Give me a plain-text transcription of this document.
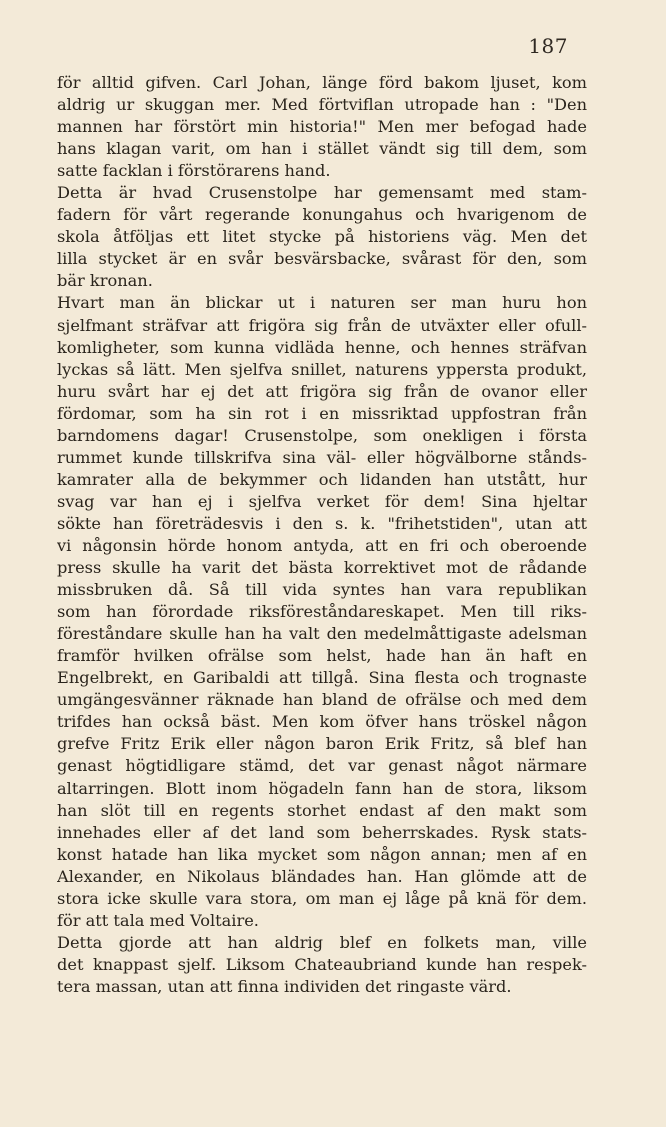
187
för alltid gifven. Carl Johan, länge förd bakom ljuset, kom
aldrig ur skuggan mer. Med förtviflan utropade han : "Den
mannen har förstört min historia!" Men mer befogad hade
hans klagan varit, om han i stället vändt sig till dem, som
satte facklan i förstörarens hand.
Detta är hvad Crusenstolpe har gemensamt med stam-
fadern för vårt regerande konungahus och hvarigenom de
skola åtföljas ett litet stycke på historiens väg. Men det
lilla stycket är en svår besvärsbacke, svårast för den, som
bär kronan.
Hvart man än blickar ut i naturen ser man huru hon
sjelfmant sträfvar att frigöra sig från de utväxter eller ofull-
komligheter, som kunna vidläda henne, och hennes sträfvan
lyckas så lätt. Men sjelfva snillet, naturens yppersta produkt,
huru svårt har ej det att frigöra sig från de ovanor eller
fördomar, som ha sin rot i en missriktad uppfostran från
barndomens dagar! Crusenstolpe, som onekligen i första
rummet kunde tillskrifva sina väl- eller högvälborne stånds-
kamrater alla de bekymmer och lidanden han utstått, hur
svag var han ej i sjelfva verket för dem! Sina hjeltar
sökte han företrädesvis i den s. k. "frihetstiden", utan att
vi någonsin hörde honom antyda, att en fri och oberoende
press skulle ha varit det bästa korrektivet mot de rådande
missbruken då. Så till vida syntes han vara republikan
som han förordade riksföreståndareskapet. Men till riks-
föreståndare skulle han ha valt den medelmåttigaste adelsman
framför hvilken ofrälse som helst, hade han än haft en
Engelbrekt, en Garibaldi att tillgå. Sina flesta och trognaste
umgängesvänner räknade han bland de ofrälse och med dem
trifdes han också bäst. Men kom öfver hans tröskel någon
grefve Fritz Erik eller någon baron Erik Fritz, så blef han
genast högtidligare stämd, det var genast något närmare
altarringen. Blott inom högadeln fann han de stora, liksom
han slöt till en regents storhet endast af den makt som
innehades eller af det land som beherrskades. Rysk stats-
konst hatade han lika mycket som någon annan; men af en
Alexander, en Nikolaus bländades han. Han glömde att de
stora icke skulle vara stora, om man ej låge på knä för dem.
för att tala med Voltaire.
Detta gjorde att han aldrig blef en folkets man, ville
det knappast sjelf. Liksom Chateaubriand kunde han respek-
tera massan, utan att finna individen det ringaste värd.
